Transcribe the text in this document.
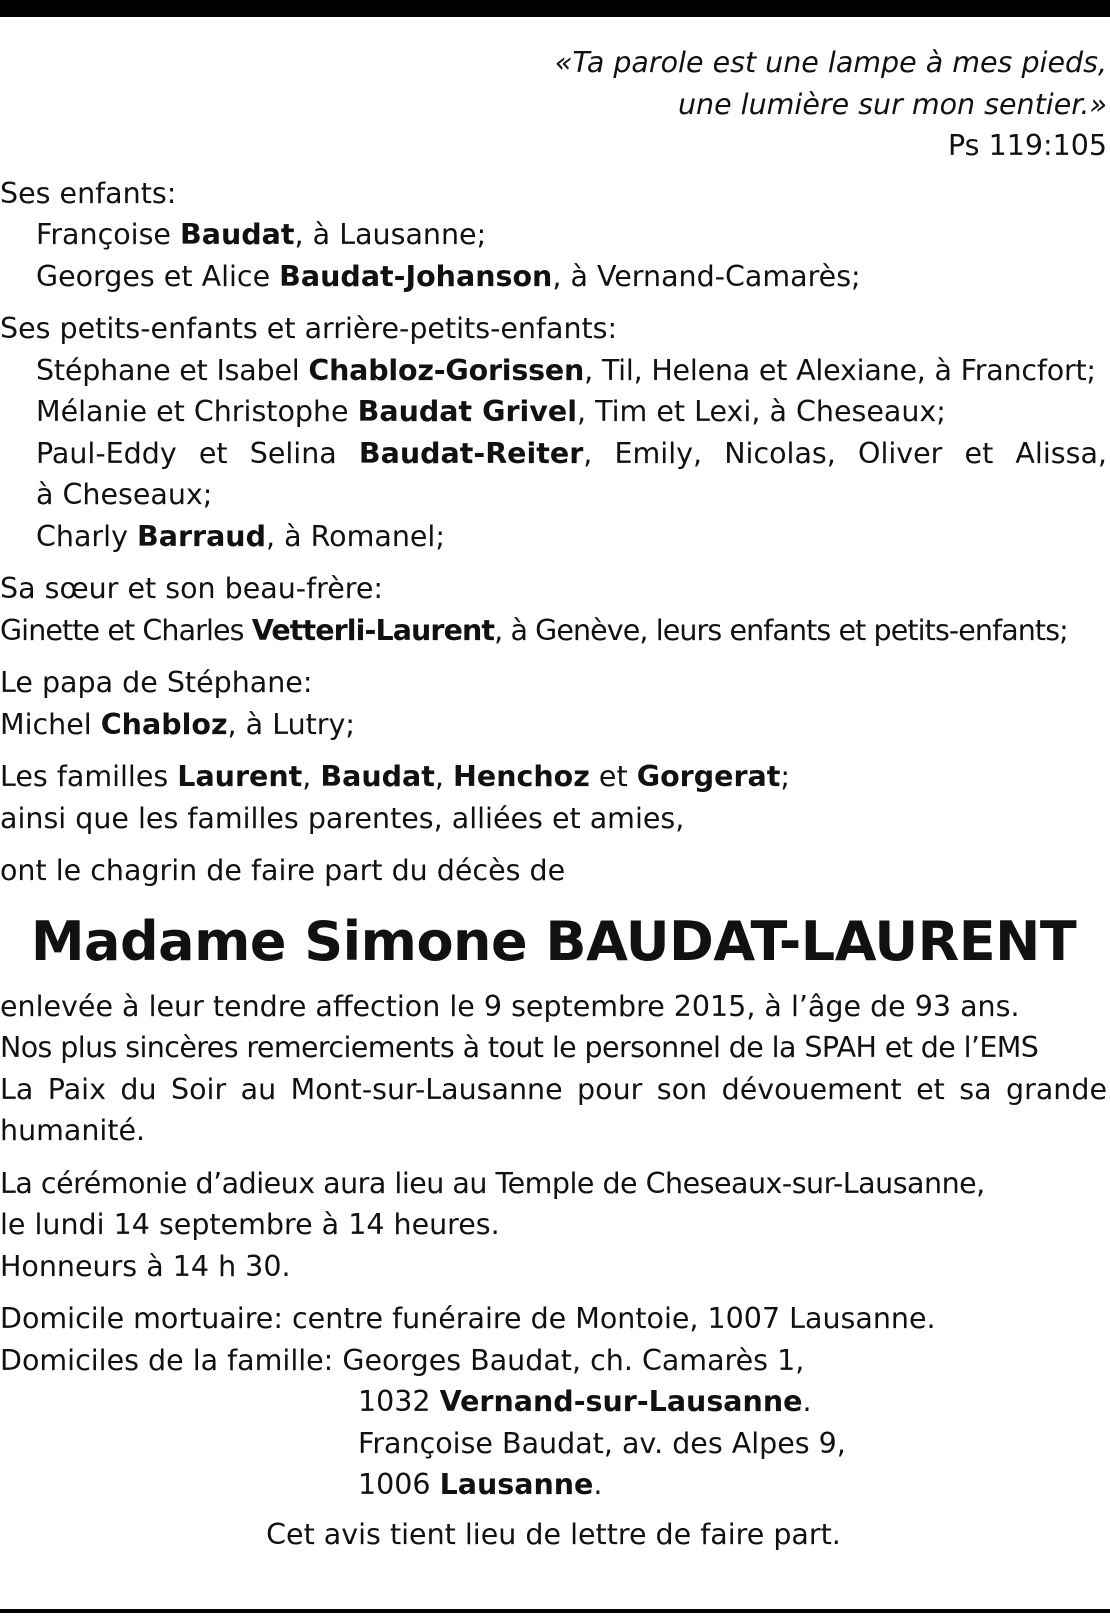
«Ta parole est une lampe à mes pieds,
une lumière sur mon sentier.»
Ps 119:105
Ses enfants:
Françoise Baudat, à Lausanne;
Georges et Alice Baudat-Johanson, à Vernand-Camarès;
Ses petits-enfants et arrière-petits-enfants:
Stéphane et Isabel Chabloz-Gorissen, Til, Helena et Alexiane, à Francfort;
Mélanie et Christophe Baudat Grivel, Tim et Lexi, à Cheseaux;
Paul-Eddy et Selina Baudat-Reiter, Emily, Nicolas, Oliver et Alissa,
à Cheseaux;
Charly Barraud, à Romanel;
Sa sœur et son beau-frère:
Ginette et Charles Vetterli-Laurent, à Genève, leurs enfants et petits-enfants;
Le papa de Stéphane:
Michel Chabloz, à Lutry;
Les familles Laurent, Baudat, Henchoz et Gorgerat;
ainsi que les familles parentes, alliées et amies,
ont le chagrin de faire part du décès de
Madame Simone BAUDAT-LAURENT
enlevée à leur tendre affection le 9 septembre 2015, à l’âge de 93 ans.
Nos plus sincères remerciements à tout le personnel de la SPAH et de l’EMS
La Paix du Soir au Mont-sur-Lausanne pour son dévouement et sa grande
humanité.
La cérémonie d’adieux aura lieu au Temple de Cheseaux-sur-Lausanne,
le lundi 14 septembre à 14 heures.
Honneurs à 14 h 30.
Domicile mortuaire: centre funéraire de Montoie, 1007 Lausanne.
Domiciles de la famille: Georges Baudat, ch. Camarès 1,
1032 Vernand-sur-Lausanne.
Françoise Baudat, av. des Alpes 9,
1006 Lausanne.
Cet avis tient lieu de lettre de faire part.
